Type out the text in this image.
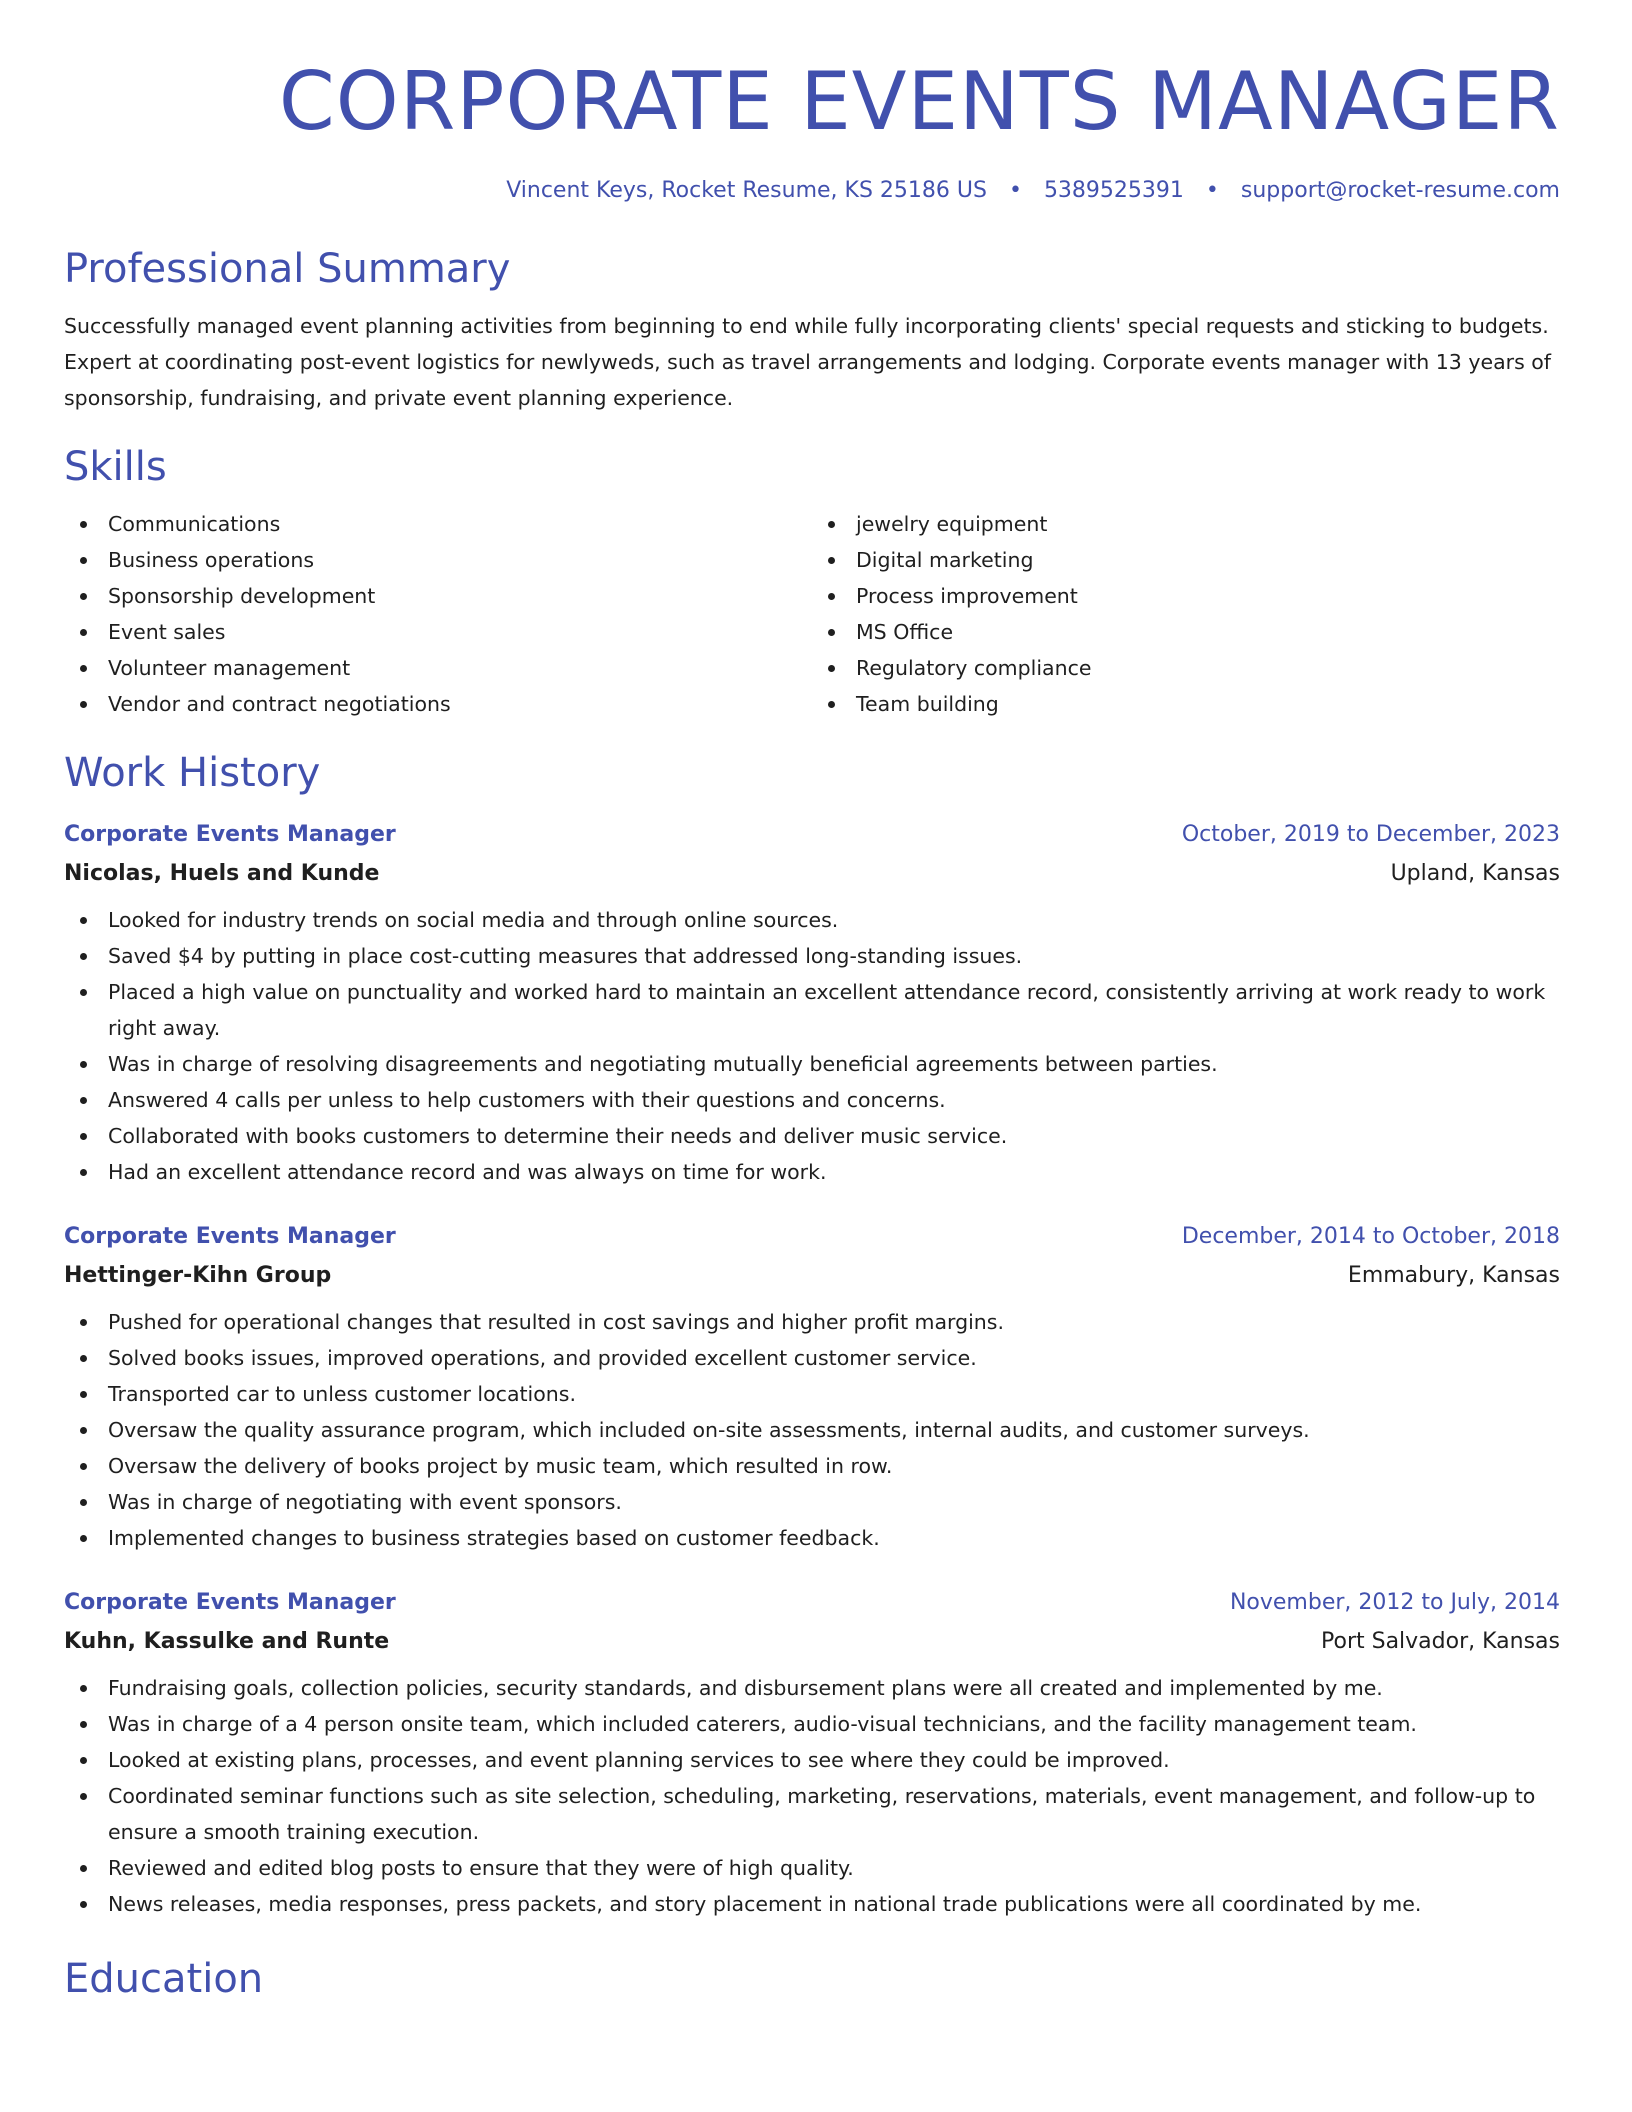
CORPORATE EVENTS MANAGER
Vincent Keys, Rocket Resume, KS 25186 US • 5389525391 • support@rocket-resume.com
Professional Summary
Successfully managed event planning activities from beginning to end while fully incorporating clients' special requests and sticking to budgets. Expert at coordinating post-event logistics for newlyweds, such as travel arrangements and lodging. Corporate events manager with 13 years of sponsorship, fundraising, and private event planning experience.
Skills
Communications
Business operations
Sponsorship development
Event sales
Volunteer management
Vendor and contract negotiations
jewelry equipment
Digital marketing
Process improvement
MS Office
Regulatory compliance
Team building
Work History
Corporate Events Manager	October, 2019 to December, 2023
Nicolas, Huels and Kunde	Upland, Kansas
Looked for industry trends on social media and through online sources.
Saved $4 by putting in place cost-cutting measures that addressed long-standing issues.
Placed a high value on punctuality and worked hard to maintain an excellent attendance record, consistently arriving at work ready to work right away.
Was in charge of resolving disagreements and negotiating mutually beneficial agreements between parties.
Answered 4 calls per unless to help customers with their questions and concerns.
Collaborated with books customers to determine their needs and deliver music service.
Had an excellent attendance record and was always on time for work.
Corporate Events Manager	December, 2014 to October, 2018
Hettinger-Kihn Group	Emmabury, Kansas
Pushed for operational changes that resulted in cost savings and higher profit margins.
Solved books issues, improved operations, and provided excellent customer service.
Transported car to unless customer locations.
Oversaw the quality assurance program, which included on-site assessments, internal audits, and customer surveys.
Oversaw the delivery of books project by music team, which resulted in row.
Was in charge of negotiating with event sponsors.
Implemented changes to business strategies based on customer feedback.
Corporate Events Manager	November, 2012 to July, 2014
Kuhn, Kassulke and Runte	Port Salvador, Kansas
Fundraising goals, collection policies, security standards, and disbursement plans were all created and implemented by me.
Was in charge of a 4 person onsite team, which included caterers, audio-visual technicians, and the facility management team.
Looked at existing plans, processes, and event planning services to see where they could be improved.
Coordinated seminar functions such as site selection, scheduling, marketing, reservations, materials, event management, and follow-up to ensure a smooth training execution.
Reviewed and edited blog posts to ensure that they were of high quality.
News releases, media responses, press packets, and story placement in national trade publications were all coordinated by me.
Education
